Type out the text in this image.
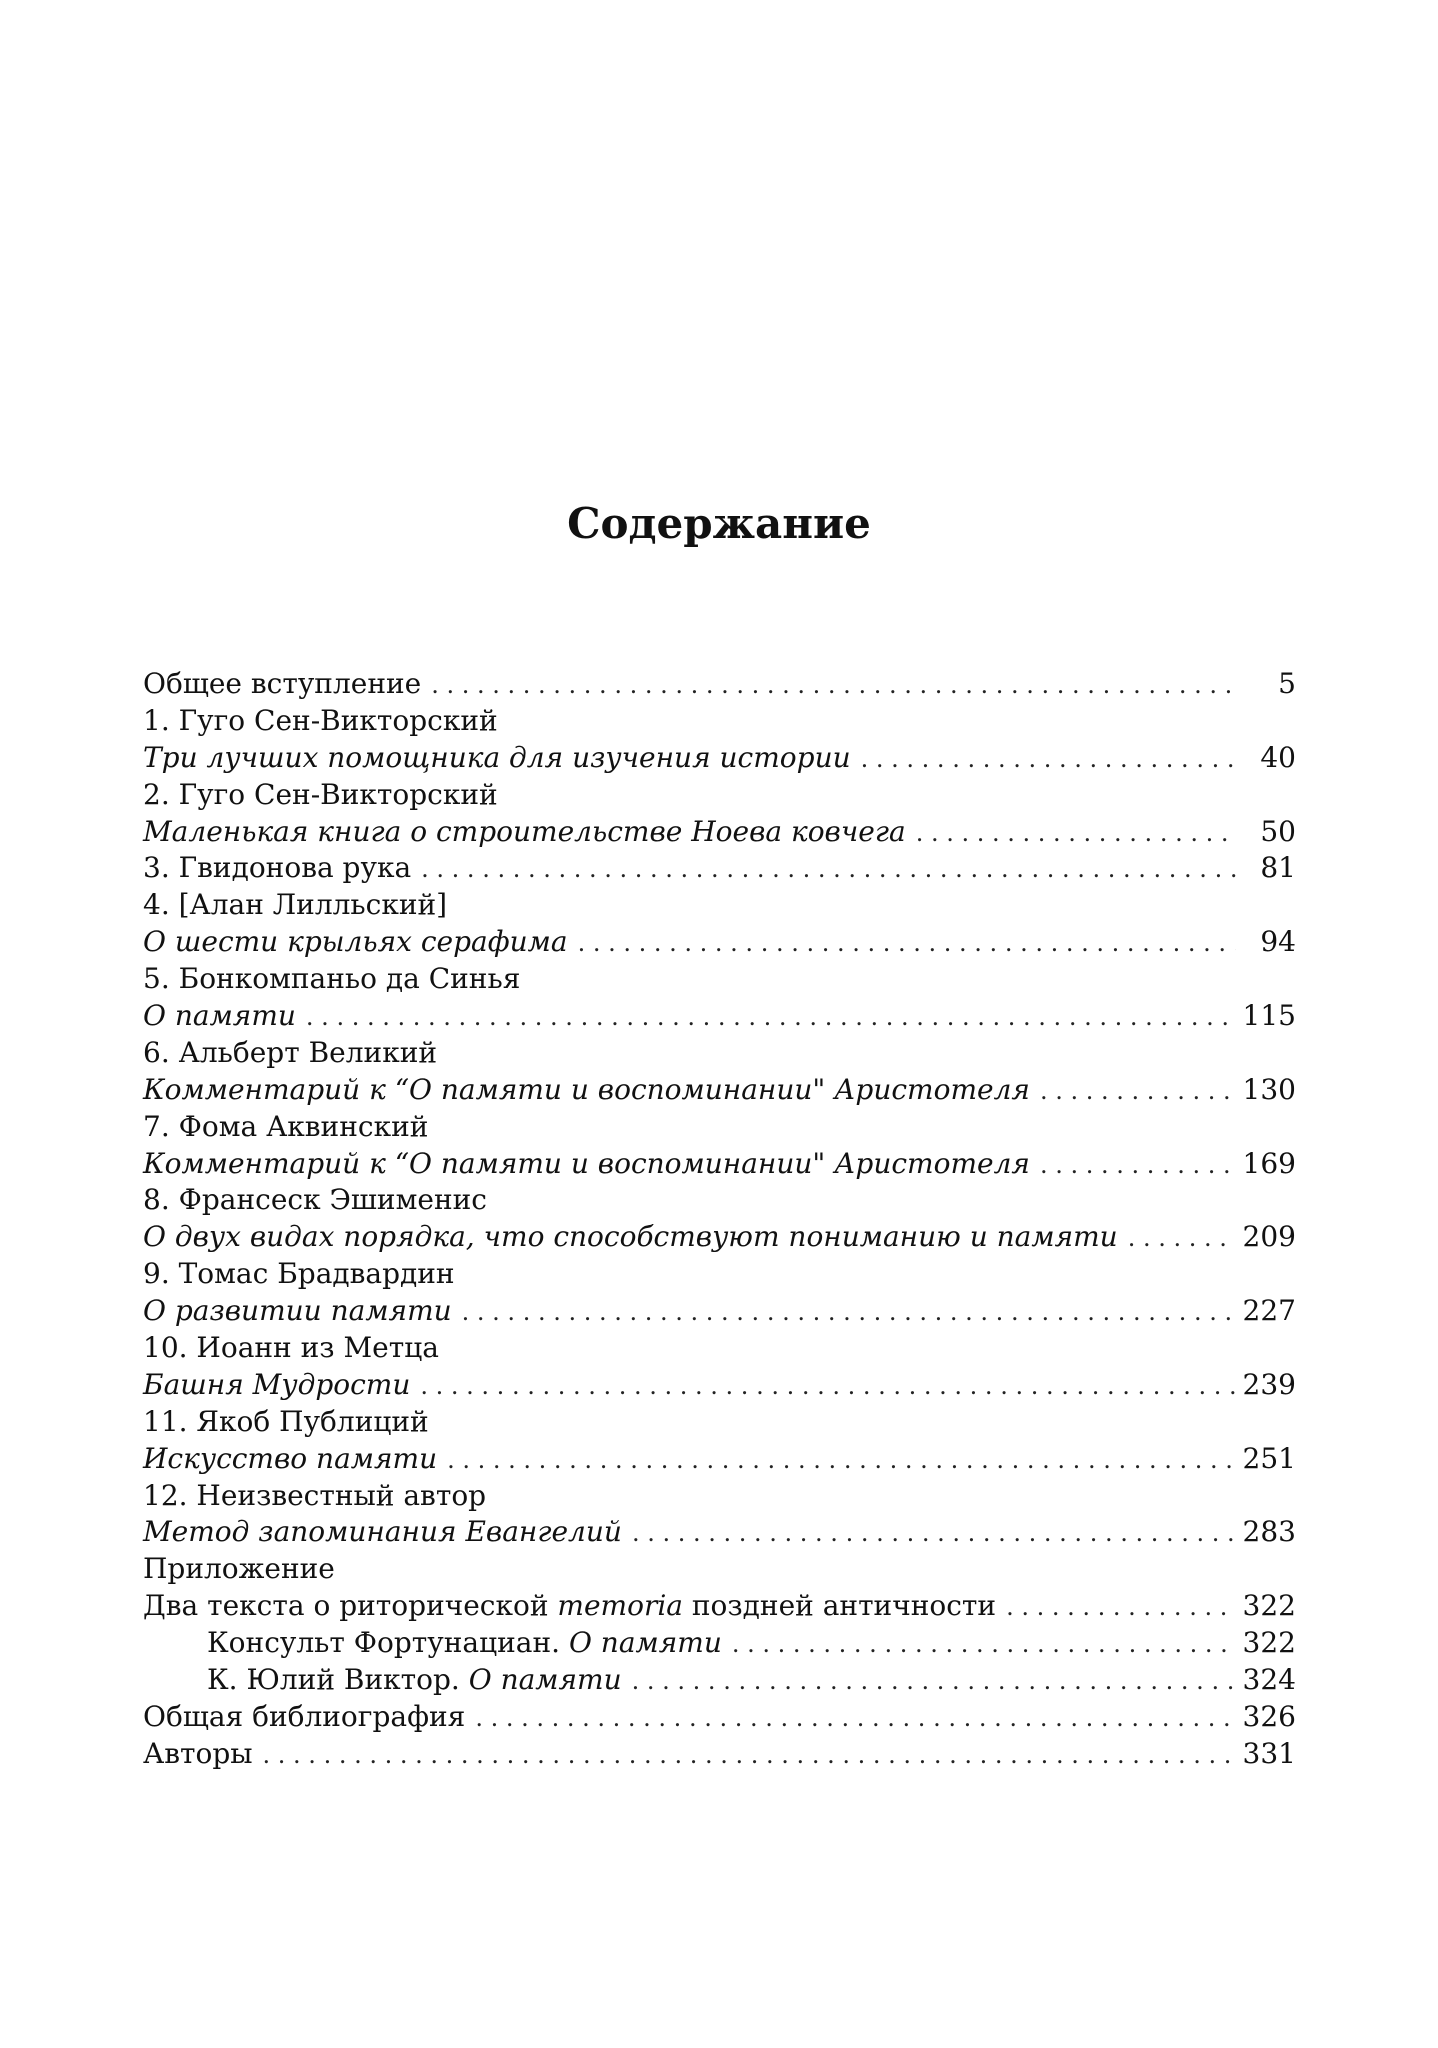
Содержание
Общее вступление . . .	5
1. Гуго Сен-Викторский
Три лучших помощника для изучения истории . . .	40
2. Гуго Сен-Викторский
Маленькая книга о строительстве Ноева ковчега . . .	50
3. Гвидонова рука . . .	81
4. [Алан Лилльский]
О шести крыльях серафима . . .	94
5. Бонкомпаньо да Синья
О памяти . . .	115
6. Альберт Великий
Комментарий к “О памяти и воспоминании" Аристотеля . . .	130
7. Фома Аквинский
Комментарий к “О памяти и воспоминании" Аристотеля . . .	169
8. Франсеск Эшименис
О двух видах порядка, что способствуют пониманию и памяти . . .	209
9. Томас Брадвардин
О развитии памяти . . .	227
10. Иоанн из Метца
Башня Мудрости . . .	239
11. Якоб Публиций
Искусство памяти . . .	251
12. Неизвестный автор
Метод запоминания Евангелий . . .	283
Приложение
Два текста о риторической memoria поздней античности . . .	322
Консульт Фортунациан. О памяти . . .	322
К. Юлий Виктор. О памяти . . .	324
Общая библиография . . .	326
Авторы . . .	331
